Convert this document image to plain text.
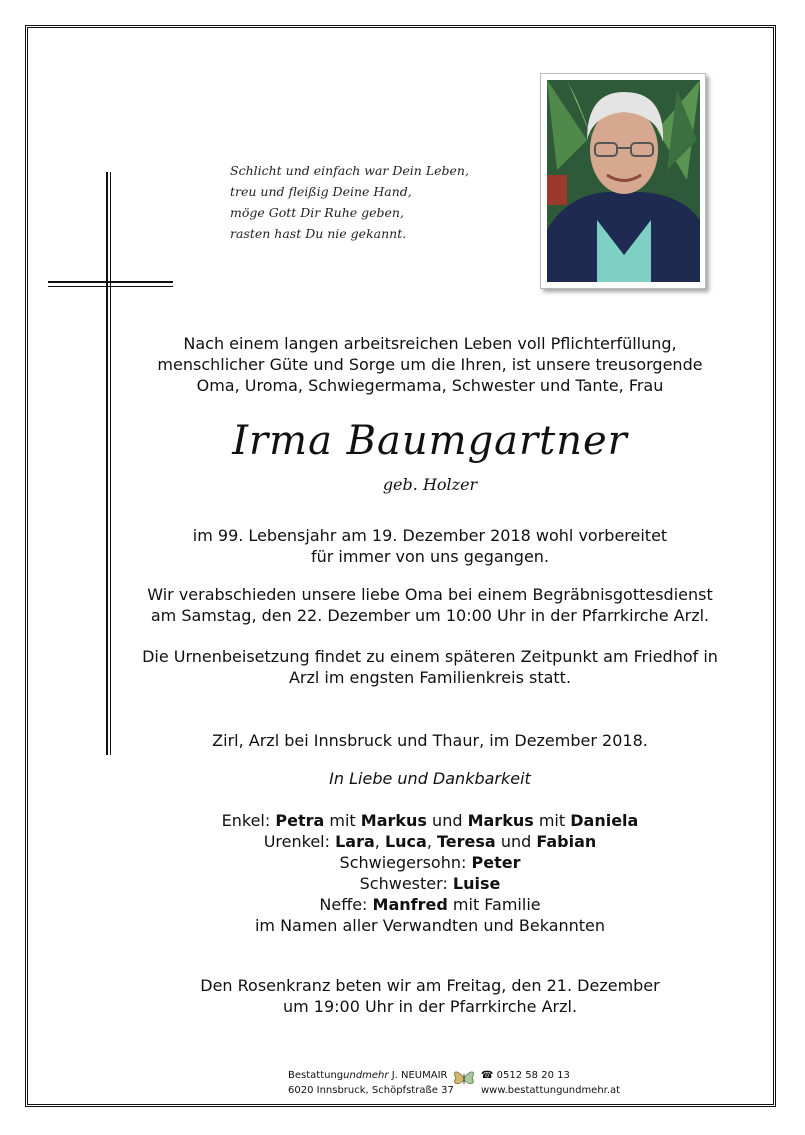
Schlicht und einfach war Dein Leben,
treu und fleißig Deine Hand,
möge Gott Dir Ruhe geben,
rasten hast Du nie gekannt.
Nach einem langen arbeitsreichen Leben voll Pflichterfüllung,
menschlicher Güte und Sorge um die Ihren, ist unsere treusorgende
Oma, Uroma, Schwiegermama, Schwester und Tante, Frau
Irma Baumgartner
geb. Holzer
im 99. Lebensjahr am 19. Dezember 2018 wohl vorbereitet
für immer von uns gegangen.
Wir verabschieden unsere liebe Oma bei einem Begräbnisgottesdienst
am Samstag, den 22. Dezember um 10:00 Uhr in der Pfarrkirche Arzl.
Die Urnenbeisetzung findet zu einem späteren Zeitpunkt am Friedhof in
Arzl im engsten Familienkreis statt.
Zirl, Arzl bei Innsbruck und Thaur, im Dezember 2018.
In Liebe und Dankbarkeit
Enkel: Petra mit Markus und Markus mit Daniela
Urenkel: Lara, Luca, Teresa und Fabian
Schwiegersohn: Peter
Schwester: Luise
Neffe: Manfred mit Familie
im Namen aller Verwandten und Bekannten
Den Rosenkranz beten wir am Freitag, den 21. Dezember
um 19:00 Uhr in der Pfarrkirche Arzl.
Bestattungundmehr J. NEUMAIR
6020 Innsbruck, Schöpfstraße 37
☎ 0512 58 20 13
www.bestattungundmehr.at
